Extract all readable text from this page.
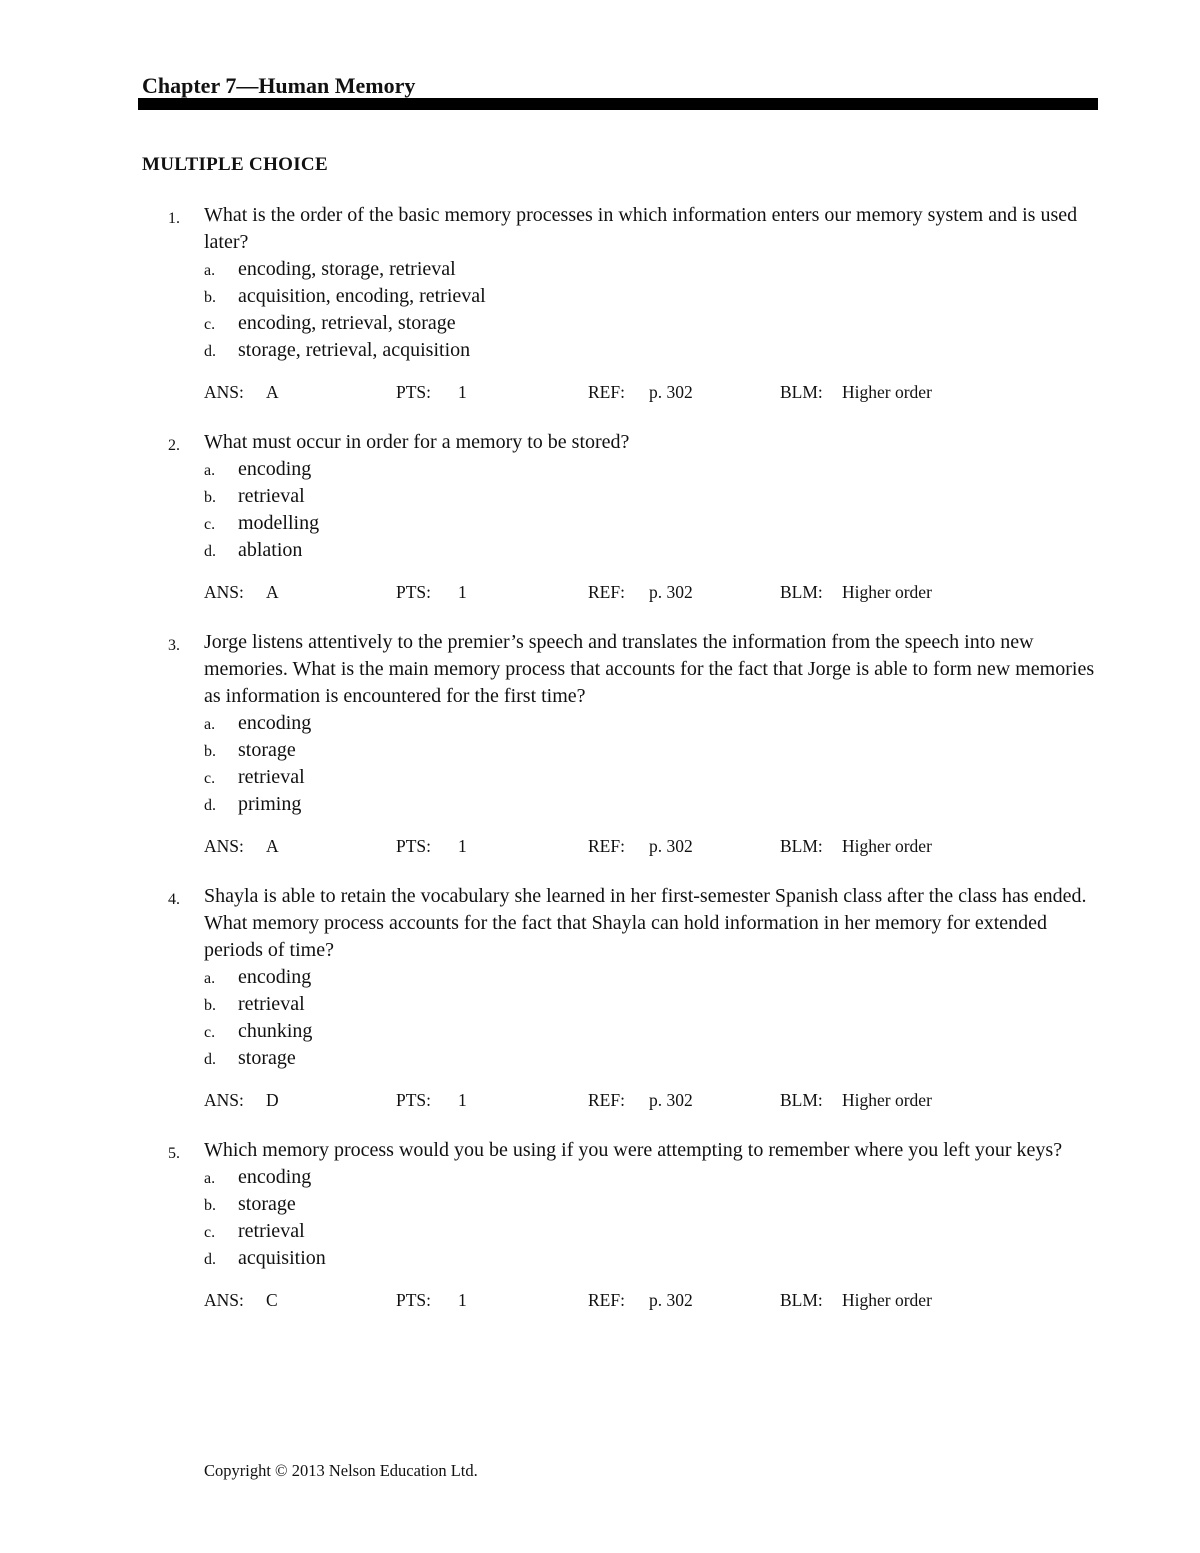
Chapter 7—Human Memory
MULTIPLE CHOICE
1. What is the order of the basic memory processes in which information enters our memory system and is used later?
a.	encoding, storage, retrieval
b.	acquisition, encoding, retrieval
c.	encoding, retrieval, storage
d.	storage, retrieval, acquisition
ANS: A	PTS: 1	REF: p. 302	BLM: Higher order
2. What must occur in order for a memory to be stored?
a.	encoding
b.	retrieval
c.	modelling
d.	ablation
ANS: A	PTS: 1	REF: p. 302	BLM: Higher order
3. Jorge listens attentively to the premier’s speech and translates the information from the speech into new memories. What is the main memory process that accounts for the fact that Jorge is able to form new memories as information is encountered for the first time?
a.	encoding
b.	storage
c.	retrieval
d.	priming
ANS: A	PTS: 1	REF: p. 302	BLM: Higher order
4. Shayla is able to retain the vocabulary she learned in her first-semester Spanish class after the class has ended. What memory process accounts for the fact that Shayla can hold information in her memory for extended periods of time?
a.	encoding
b.	retrieval
c.	chunking
d.	storage
ANS: D	PTS: 1	REF: p. 302	BLM: Higher order
5. Which memory process would you be using if you were attempting to remember where you left your keys?
a.	encoding
b.	storage
c.	retrieval
d.	acquisition
ANS: C	PTS: 1	REF: p. 302	BLM: Higher order
Copyright © 2013 Nelson Education Ltd.
